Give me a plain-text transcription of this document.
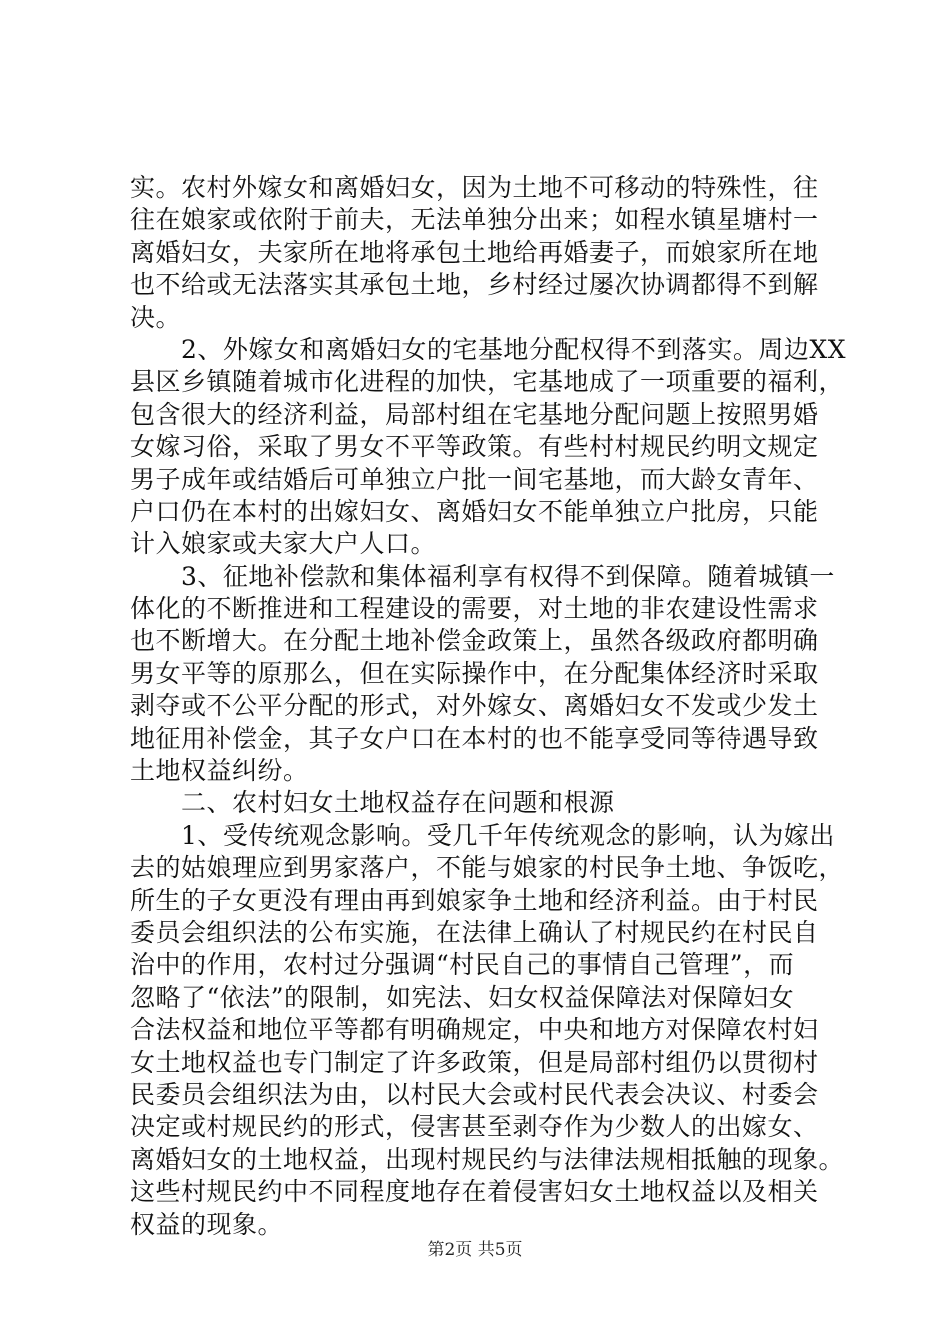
实。农村外嫁女和离婚妇女，因为土地不可移动的特殊性，往
往在娘家或依附于前夫，无法单独分出来；如程水镇星塘村一
离婚妇女，夫家所在地将承包土地给再婚妻子，而娘家所在地
也不给或无法落实其承包土地，乡村经过屡次协调都得不到解
决。
　　2、外嫁女和离婚妇女的宅基地分配权得不到落实。周边XX
县区乡镇随着城市化进程的加快，宅基地成了一项重要的福利，
包含很大的经济利益，局部村组在宅基地分配问题上按照男婚
女嫁习俗，采取了男女不平等政策。有些村村规民约明文规定
男子成年或结婚后可单独立户批一间宅基地，而大龄女青年、
户口仍在本村的出嫁妇女、离婚妇女不能单独立户批房，只能
计入娘家或夫家大户人口。
　　3、征地补偿款和集体福利享有权得不到保障。随着城镇一
体化的不断推进和工程建设的需要，对土地的非农建设性需求
也不断增大。在分配土地补偿金政策上，虽然各级政府都明确
男女平等的原那么，但在实际操作中，在分配集体经济时采取
剥夺或不公平分配的形式，对外嫁女、离婚妇女不发或少发土
地征用补偿金，其子女户口在本村的也不能享受同等待遇导致
土地权益纠纷。
　　二、农村妇女土地权益存在问题和根源
　　1、受传统观念影响。受几千年传统观念的影响，认为嫁出
去的姑娘理应到男家落户，不能与娘家的村民争土地、争饭吃，
所生的子女更没有理由再到娘家争土地和经济利益。由于村民
委员会组织法的公布实施，在法律上确认了村规民约在村民自
治中的作用，农村过分强调“村民自己的事情自己管理”，而
忽略了“依法”的限制，如宪法、妇女权益保障法对保障妇女
合法权益和地位平等都有明确规定，中央和地方对保障农村妇
女土地权益也专门制定了许多政策，但是局部村组仍以贯彻村
民委员会组织法为由，以村民大会或村民代表会决议、村委会
决定或村规民约的形式，侵害甚至剥夺作为少数人的出嫁女、
离婚妇女的土地权益，出现村规民约与法律法规相抵触的现象。
这些村规民约中不同程度地存在着侵害妇女土地权益以及相关
权益的现象。
第2页 共5页
